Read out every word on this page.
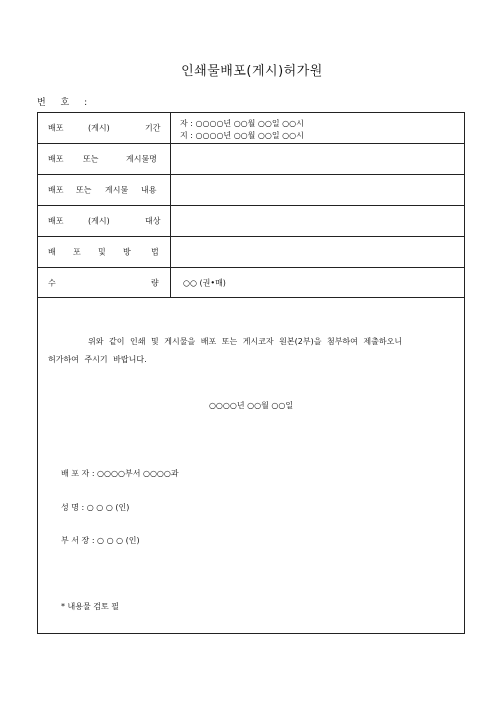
인쇄물배포(게시)허가원
번 호 :
배포	(게시)	기간 자 : ○○○○년 ○○월 ○○일 ○○시
지 : ○○○○년 ○○월 ○○일 ○○시
배포 또는	게시물명
배포 또는 게시물 내용
배포	(게시)	대상
배 포 및 방	법
수	량	○○ (권•매)
위와 같이 인쇄 및 게시물을 배포 또는 게시코자 원본(2부)을 첨부하여 제출하오니
허가하여 주시기 바랍니다.
○○○○년 ○○월 ○○일
배 포 자 : ○○○○부서 ○○○○과
성 명 : ○ ○ ○ (인)
부 서 장 : ○ ○ ○ (인)
* 내용물 검토 필
